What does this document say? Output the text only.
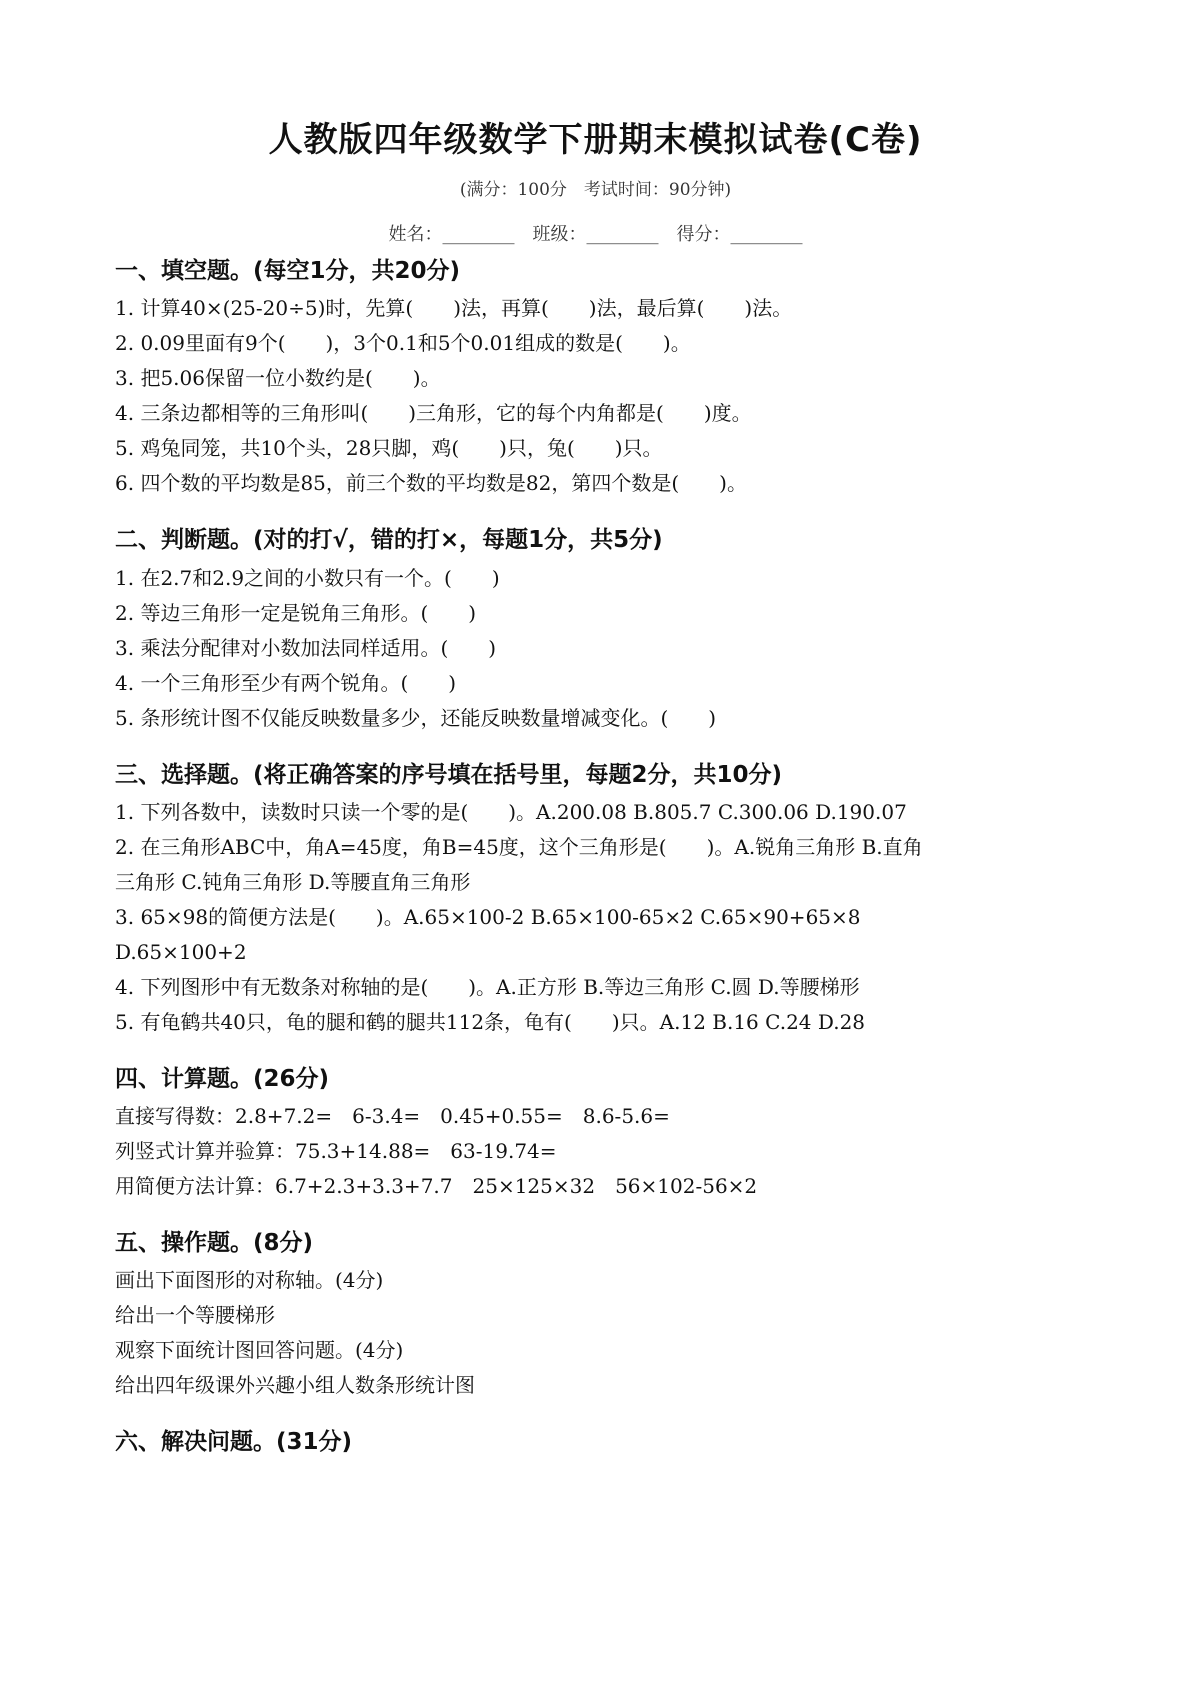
人教版四年级数学下册期末模拟试卷(C卷)
(满分：100分　考试时间：90分钟)
姓名：________　班级：________　得分：________
一、填空题。(每空1分，共20分)
1. 计算40×(25-20÷5)时，先算(　　)法，再算(　　)法，最后算(　　)法。
2. 0.09里面有9个(　　)，3个0.1和5个0.01组成的数是(　　)。
3. 把5.06保留一位小数约是(　　)。
4. 三条边都相等的三角形叫(　　)三角形，它的每个内角都是(　　)度。
5. 鸡兔同笼，共10个头，28只脚，鸡(　　)只，兔(　　)只。
6. 四个数的平均数是85，前三个数的平均数是82，第四个数是(　　)。
二、判断题。(对的打√，错的打×，每题1分，共5分)
1. 在2.7和2.9之间的小数只有一个。(　　)
2. 等边三角形一定是锐角三角形。(　　)
3. 乘法分配律对小数加法同样适用。(　　)
4. 一个三角形至少有两个锐角。(　　)
5. 条形统计图不仅能反映数量多少，还能反映数量增减变化。(　　)
三、选择题。(将正确答案的序号填在括号里，每题2分，共10分)
1. 下列各数中，读数时只读一个零的是(　　)。A.200.08 B.805.7 C.300.06 D.190.07
2. 在三角形ABC中，角A=45度，角B=45度，这个三角形是(　　)。A.锐角三角形 B.直角
三角形 C.钝角三角形 D.等腰直角三角形
3. 65×98的简便方法是(　　)。A.65×100-2 B.65×100-65×2 C.65×90+65×8
D.65×100+2
4. 下列图形中有无数条对称轴的是(　　)。A.正方形 B.等边三角形 C.圆 D.等腰梯形
5. 有龟鹤共40只，龟的腿和鹤的腿共112条，龟有(　　)只。A.12 B.16 C.24 D.28
四、计算题。(26分)
直接写得数：2.8+7.2=　6-3.4=　0.45+0.55=　8.6-5.6=
列竖式计算并验算：75.3+14.88=　63-19.74=
用简便方法计算：6.7+2.3+3.3+7.7　25×125×32　56×102-56×2
五、操作题。(8分)
画出下面图形的对称轴。(4分)
给出一个等腰梯形
观察下面统计图回答问题。(4分)
给出四年级课外兴趣小组人数条形统计图
六、解决问题。(31分)
